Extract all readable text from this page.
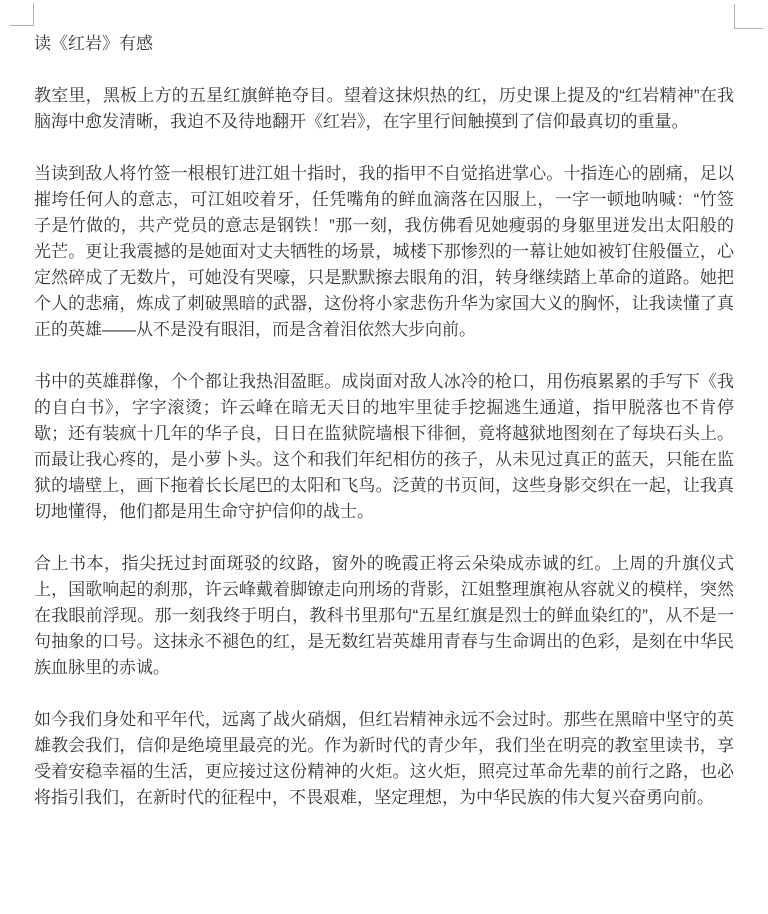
读《红岩》有感

教室里，黑板上方的五星红旗鲜艳夺目。望着这抹炽热的红，历史课上提及的“红岩精神”在我脑海中愈发清晰，我迫不及待地翻开《红岩》，在字里行间触摸到了信仰最真切的重量。

当读到敌人将竹签一根根钉进江姐十指时，我的指甲不自觉掐进掌心。十指连心的剧痛，足以摧垮任何人的意志，可江姐咬着牙，任凭嘴角的鲜血滴落在囚服上，一字一顿地呐喊：“竹签子是竹做的，共产党员的意志是钢铁！”那一刻，我仿佛看见她瘦弱的身躯里迸发出太阳般的光芒。更让我震撼的是她面对丈夫牺牲的场景，城楼下那惨烈的一幕让她如被钉住般僵立，心定然碎成了无数片，可她没有哭嚎，只是默默擦去眼角的泪，转身继续踏上革命的道路。她把个人的悲痛，炼成了刺破黑暗的武器，这份将小家悲伤升华为家国大义的胸怀，让我读懂了真正的英雄——从不是没有眼泪，而是含着泪依然大步向前。

书中的英雄群像，个个都让我热泪盈眶。成岗面对敌人冰冷的枪口，用伤痕累累的手写下《我的自白书》，字字滚烫；许云峰在暗无天日的地牢里徒手挖掘逃生通道，指甲脱落也不肯停歇；还有装疯十几年的华子良，日日在监狱院墙根下徘徊，竟将越狱地图刻在了每块石头上。而最让我心疼的，是小萝卜头。这个和我们年纪相仿的孩子，从未见过真正的蓝天，只能在监狱的墙壁上，画下拖着长长尾巴的太阳和飞鸟。泛黄的书页间，这些身影交织在一起，让我真切地懂得，他们都是用生命守护信仰的战士。

合上书本，指尖抚过封面斑驳的纹路，窗外的晚霞正将云朵染成赤诚的红。上周的升旗仪式上，国歌响起的刹那，许云峰戴着脚镣走向刑场的背影，江姐整理旗袍从容就义的模样，突然在我眼前浮现。那一刻我终于明白，教科书里那句“五星红旗是烈士的鲜血染红的”，从不是一句抽象的口号。这抹永不褪色的红，是无数红岩英雄用青春与生命调出的色彩，是刻在中华民族血脉里的赤诚。

如今我们身处和平年代，远离了战火硝烟，但红岩精神永远不会过时。那些在黑暗中坚守的英雄教会我们，信仰是绝境里最亮的光。作为新时代的青少年，我们坐在明亮的教室里读书，享受着安稳幸福的生活，更应接过这份精神的火炬。这火炬，照亮过革命先辈的前行之路，也必将指引我们，在新时代的征程中，不畏艰难，坚定理想，为中华民族的伟大复兴奋勇向前。
